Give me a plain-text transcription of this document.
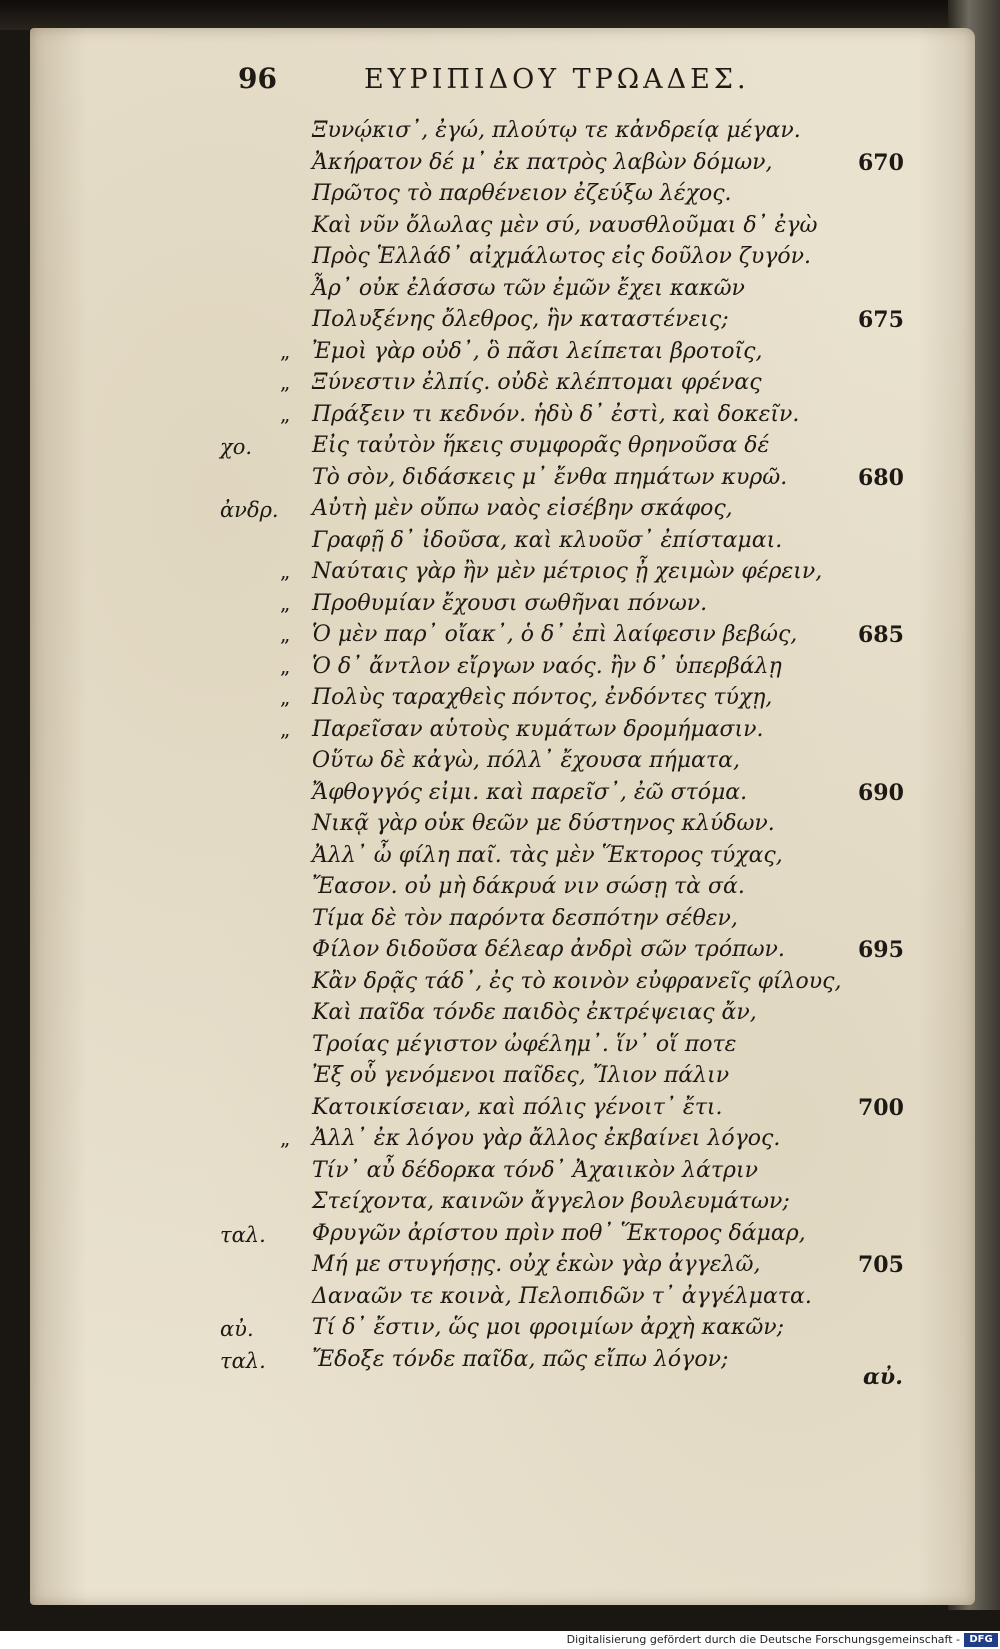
96	ΕΥΡΙΠΙΔΟΥ ΤΡΩΑΔΕΣ.
Ξυνῴκισ᾽, ἐγώ, πλούτῳ τε κἀνδρείᾳ μέγαν.
Ἀκήρατον δέ μ᾽ ἐκ πατρὸς λαβὼν δόμων,	670
Πρῶτος τὸ παρθένειον ἐζεύξω λέχος.
Καὶ νῦν ὄλωλας μὲν σύ, ναυσθλοῦμαι δ᾽ ἐγὼ
Πρὸς Ἑλλάδ᾽ αἰχμάλωτος εἰς δοῦλον ζυγόν.
Ἆρ᾽ οὐκ ἐλάσσω τῶν ἐμῶν ἔχει κακῶν
Πολυξένης ὄλεθρος, ἣν καταστένεις;	675
„ Ἐμοὶ γὰρ οὐδ᾽, ὃ πᾶσι λείπεται βροτοῖς,
„ Ξύνεστιν ἐλπίς. οὐδὲ κλέπτομαι φρένας
„ Πράξειν τι κεδνόν. ἡδὺ δ᾽ ἐστὶ, καὶ δοκεῖν.
χο.	Εἰς ταὐτὸν ἥκεις συμφορᾶς θρηνοῦσα δέ
Τὸ σὸν, διδάσκεις μ᾽ ἔνθα πημάτων κυρῶ.	680
ἀνδρ. Αὐτὴ μὲν οὔπω ναὸς εἰσέβην σκάφος,
Γραφῇ δ᾽ ἰδοῦσα, καὶ κλυοῦσ᾽ ἐπίσταμαι.
„ Ναύταις γὰρ ἢν μὲν μέτριος ᾖ χειμὼν φέρειν,
„ Προθυμίαν ἔχουσι σωθῆναι πόνων.
„ Ὁ μὲν παρ᾽ οἴακ᾽, ὁ δ᾽ ἐπὶ λαίφεσιν βεβώς,	685
„ Ὁ δ᾽ ἄντλον εἴργων ναός. ἢν δ᾽ ὑπερβάλῃ
„ Πολὺς ταραχθεὶς πόντος, ἐνδόντες τύχῃ,
„ Παρεῖσαν αὑτοὺς κυμάτων δρομήμασιν.
Οὕτω δὲ κἀγὼ, πόλλ᾽ ἔχουσα πήματα,
Ἄφθογγός εἰμι. καὶ παρεῖσ᾽, ἐῶ στόμα.	690
Νικᾷ γὰρ οὑκ θεῶν με δύστηνος κλύδων.
Ἀλλ᾽ ὦ φίλη παῖ. τὰς μὲν Ἕκτορος τύχας,
Ἔασον. οὐ μὴ δάκρυά νιν σώσῃ τὰ σά.
Τίμα δὲ τὸν παρόντα δεσπότην σέθεν,
Φίλον διδοῦσα δέλεαρ ἀνδρὶ σῶν τρόπων.	695
Κἂν δρᾷς τάδ᾽, ἐς τὸ κοινὸν εὐφρανεῖς φίλους,
Καὶ παῖδα τόνδε παιδὸς ἐκτρέψειας ἄν,
Τροίας μέγιστον ὠφέλημ᾽. ἵν᾽ οἵ ποτε
Ἐξ οὗ γενόμενοι παῖδες, Ἴλιον πάλιν
Κατοικίσειαν, καὶ πόλις γένοιτ᾽ ἔτι.	700
„ Ἀλλ᾽ ἐκ λόγου γὰρ ἄλλος ἐκβαίνει λόγος.
Τίν᾽ αὖ δέδορκα τόνδ᾽ Ἀχαιικὸν λάτριν
Στείχοντα, καινῶν ἄγγελον βουλευμάτων;
ταλ. Φρυγῶν ἀρίστου πρὶν ποθ᾽ Ἕκτορος δάμαρ,
Μή με στυγήσῃς. οὐχ ἑκὼν γὰρ ἀγγελῶ,	705
Δαναῶν τε κοινὰ, Πελοπιδῶν τ᾽ ἀγγέλματα.
αὐ.	Τί δ᾽ ἔστιν, ὥς μοι φροιμίων ἀρχὴ κακῶν;
ταλ. Ἔδοξε τόνδε παῖδα, πῶς εἴπω λόγον;
αὐ.
Digitalisierung gefördert durch die Deutsche Forschungsgemeinschaft - DFG
